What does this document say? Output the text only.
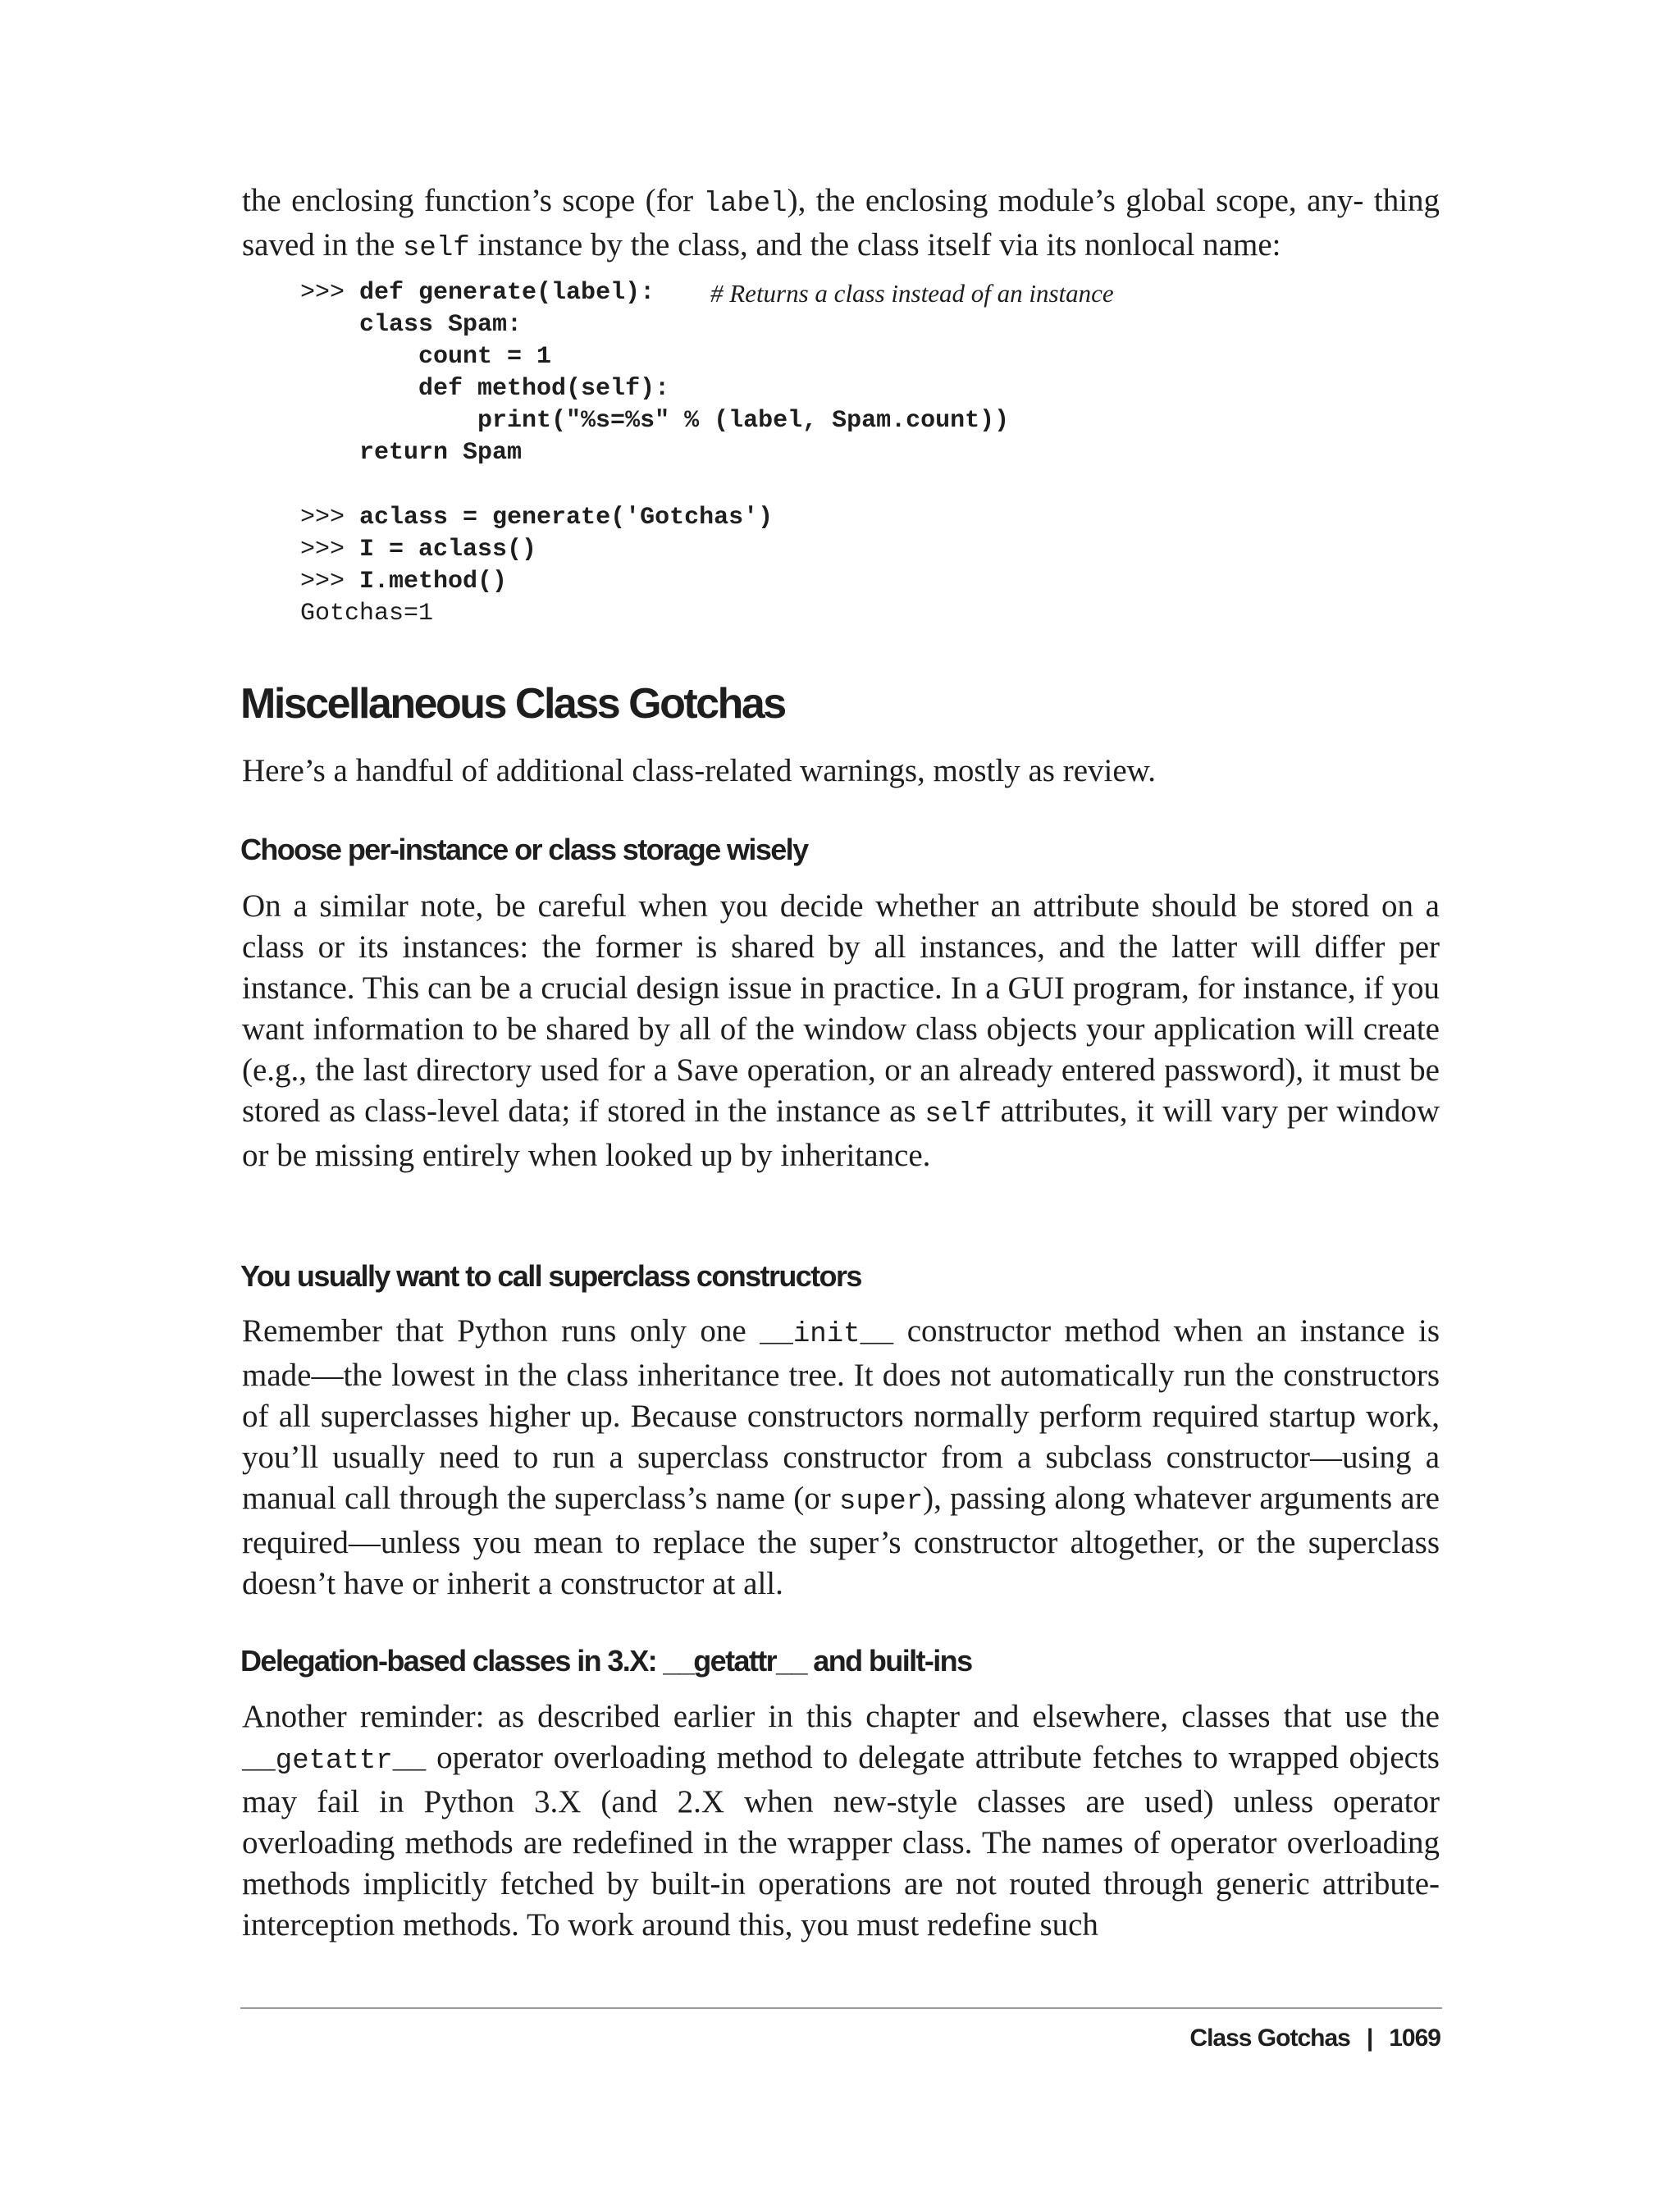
the enclosing function’s scope (for label), the enclosing module’s global scope, any- thing saved in the self instance by the class, and the class itself via its nonlocal name:

>>> def generate(label): # Returns a class instead of an instance
class Spam:
count = 1
def method(self):
print("%s=%s" % (label, Spam.count))
return Spam
>>> aclass = generate('Gotchas')
>>> I = aclass()
>>> I.method()
Gotchas=1
Miscellaneous Class Gotchas

Here’s a handful of additional class-related warnings, mostly as review.

Choose per-instance or class storage wisely

On a similar note, be careful when you decide whether an attribute should be stored on a class or its instances: the former is shared by all instances, and the latter will differ per instance. This can be a crucial design issue in practice. In a GUI program, for instance, if you want information to be shared by all of the window class objects your application will create (e.g., the last directory used for a Save operation, or an already entered password), it must be stored as class-level data; if stored in the instance as self attributes, it will vary per window or be missing entirely when looked up by inheritance.

You usually want to call superclass constructors

Remember that Python runs only one __init__ constructor method when an instance is made—the lowest in the class inheritance tree. It does not automatically run the constructors of all superclasses higher up. Because constructors normally perform required startup work, you’ll usually need to run a superclass constructor from a subclass constructor—using a manual call through the superclass’s name (or super), passing along whatever arguments are required—unless you mean to replace the super’s constructor altogether, or the superclass doesn’t have or inherit a constructor at all.

Delegation-based classes in 3.X: __getattr__ and built-ins

Another reminder: as described earlier in this chapter and elsewhere, classes that use the __getattr__ operator overloading method to delegate attribute fetches to wrapped objects may fail in Python 3.X (and 2.X when new-style classes are used) unless operator overloading methods are redefined in the wrapper class. The names of operator overloading methods implicitly fetched by built-in operations are not routed through generic attribute-interception methods. To work around this, you must redefine such

Class Gotchas | 1069
